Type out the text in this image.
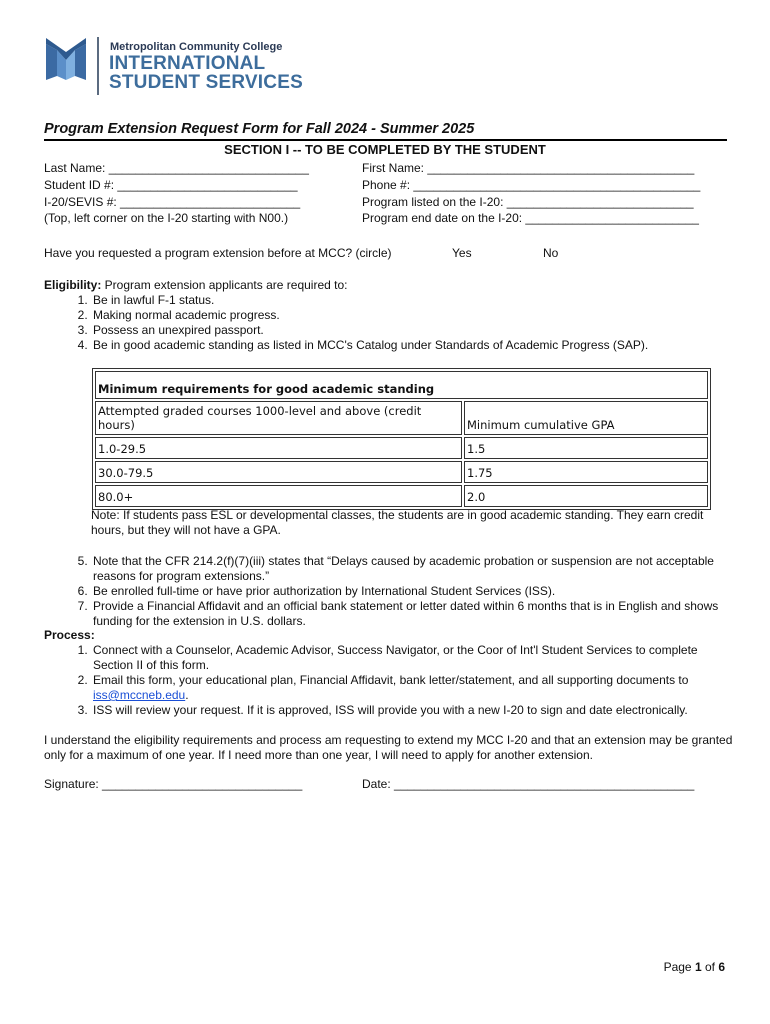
Metropolitan Community College
INTERNATIONAL
STUDENT SERVICES
Program Extension Request Form for Fall 2024 - Summer 2025
SECTION I -- TO BE COMPLETED BY THE STUDENT
Last Name: ______________________________	First Name: ________________________________________
Student ID #: ___________________________	Phone #: ___________________________________________
I-20/SEVIS #: ___________________________	Program listed on the I-20: ____________________________
(Top, left corner on the I-20 starting with N00.)	Program end date on the I-20: __________________________
Have you requested a program extension before at MCC? (circle)	Yes	No
Eligibility: Program extension applicants are required to:
1. Be in lawful F-1 status.
2. Making normal academic progress.
3. Possess an unexpired passport.
4. Be in good academic standing as listed in MCC's Catalog under Standards of Academic Progress (SAP).
Minimum requirements for good academic standing	
Attempted graded courses 1000-level and above (credit hours)	Minimum cumulative GPA
1.0-29.5	1.5
30.0-79.5	1.75
80.0+	2.0
Note: If students pass ESL or developmental classes, the students are in good academic standing. They earn credit hours, but they will not have a GPA.
5. Note that the CFR 214.2(f)(7)(iii) states that “Delays caused by academic probation or suspension are not acceptable reasons for program extensions.”
6. Be enrolled full-time or have prior authorization by International Student Services (ISS).
7. Provide a Financial Affidavit and an official bank statement or letter dated within 6 months that is in English and shows funding for the extension in U.S. dollars.
Process:
1. Connect with a Counselor, Academic Advisor, Success Navigator, or the Coor of Int'l Student Services to complete Section II of this form.
2. Email this form, your educational plan, Financial Affidavit, bank letter/statement, and all supporting documents to iss@mccneb.edu.
3. ISS will review your request. If it is approved, ISS will provide you with a new I-20 to sign and date electronically.
I understand the eligibility requirements and process am requesting to extend my MCC I-20 and that an extension may be granted only for a maximum of one year. If I need more than one year, I will need to apply for another extension.
Signature: ______________________________	Date: _____________________________________________
Page 1 of 6
